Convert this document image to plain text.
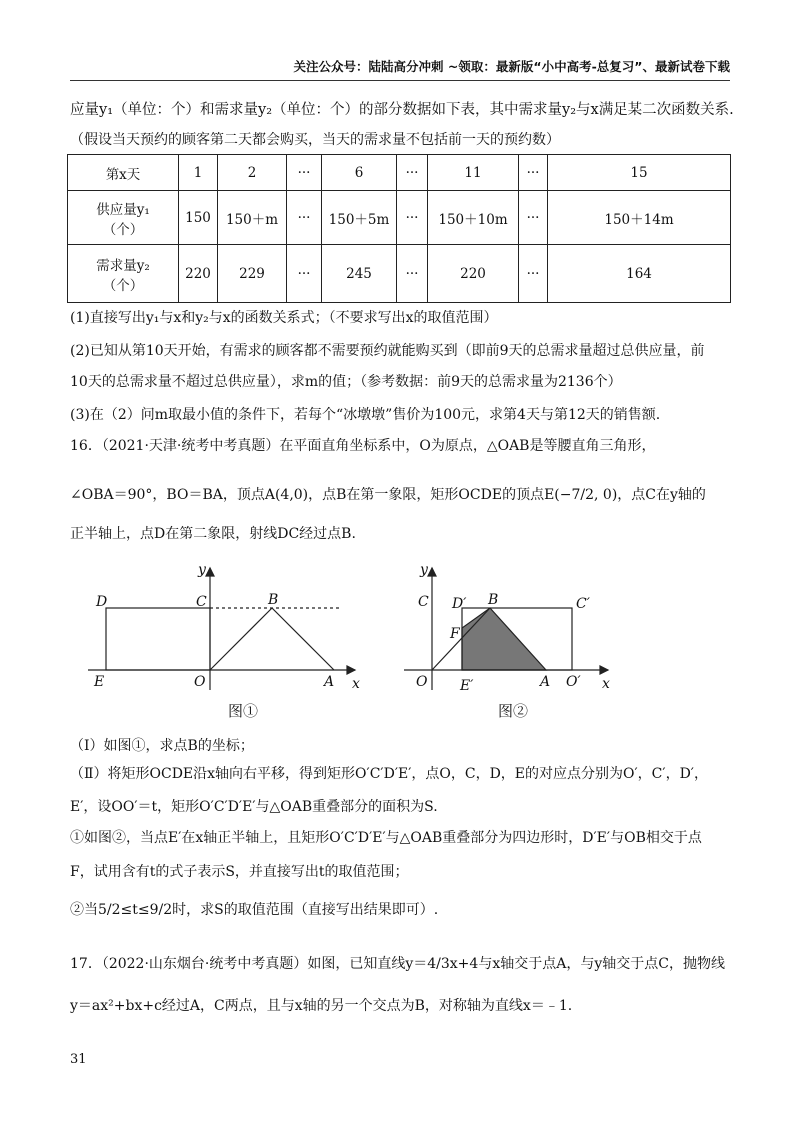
关注公众号：陆陆高分冲刺 ~领取：最新版“小中高考-总复习”、最新试卷下载
应量y₁（单位：个）和需求量y₂（单位：个）的部分数据如下表，其中需求量y₂与x满足某二次函数关系.
（假设当天预约的顾客第二天都会购买，当天的需求量不包括前一天的预约数）
第x天	1	2	···	6	···	11	···	15

供应量y₁
（个）	150	150＋m	···	150＋5m	···	150＋10m	···	150＋14m

需求量y₂
（个）	220	229	···	245	···	220	···	164
(1)直接写出y₁与x和y₂与x的函数关系式；（不要求写出x的取值范围）
(2)已知从第10天开始，有需求的顾客都不需要预约就能购买到（即前9天的总需求量超过总供应量，前
10天的总需求量不超过总供应量），求m的值；（参考数据：前9天的总需求量为2136个）
(3)在（2）问m取最小值的条件下，若每个“冰墩墩”售价为100元，求第4天与第12天的销售额.
16．（2021·天津·统考中考真题）在平面直角坐标系中，O为原点，△OAB是等腰直角三角形，
∠OBA＝90°，BO＝BA，顶点A(4,0)，点B在第一象限，矩形OCDE的顶点E(−7/2, 0)，点C在y轴的
正半轴上，点D在第二象限，射线DC经过点B.
D	C	B
y
E	O	A x
图①
y
C D′ B	C′
F
O E′	A O′ x
图②
（Ⅰ）如图①，求点B的坐标；
（Ⅱ）将矩形OCDE沿x轴向右平移，得到矩形O′C′D′E′，点O，C，D，E的对应点分别为O′，C′，D′，
E′，设OO′＝t，矩形O′C′D′E′与△OAB重叠部分的面积为S.
①如图②，当点E′在x轴正半轴上，且矩形O′C′D′E′与△OAB重叠部分为四边形时，D′E′与OB相交于点
F，试用含有t的式子表示S，并直接写出t的取值范围；
②当5/2≤t≤9/2时，求S的取值范围（直接写出结果即可）.
17．（2022·山东烟台·统考中考真题）如图，已知直线y＝4/3x+4与x轴交于点A，与y轴交于点C，抛物线
y＝ax²+bx+c经过A，C两点，且与x轴的另一个交点为B，对称轴为直线x＝﹣1.
31
